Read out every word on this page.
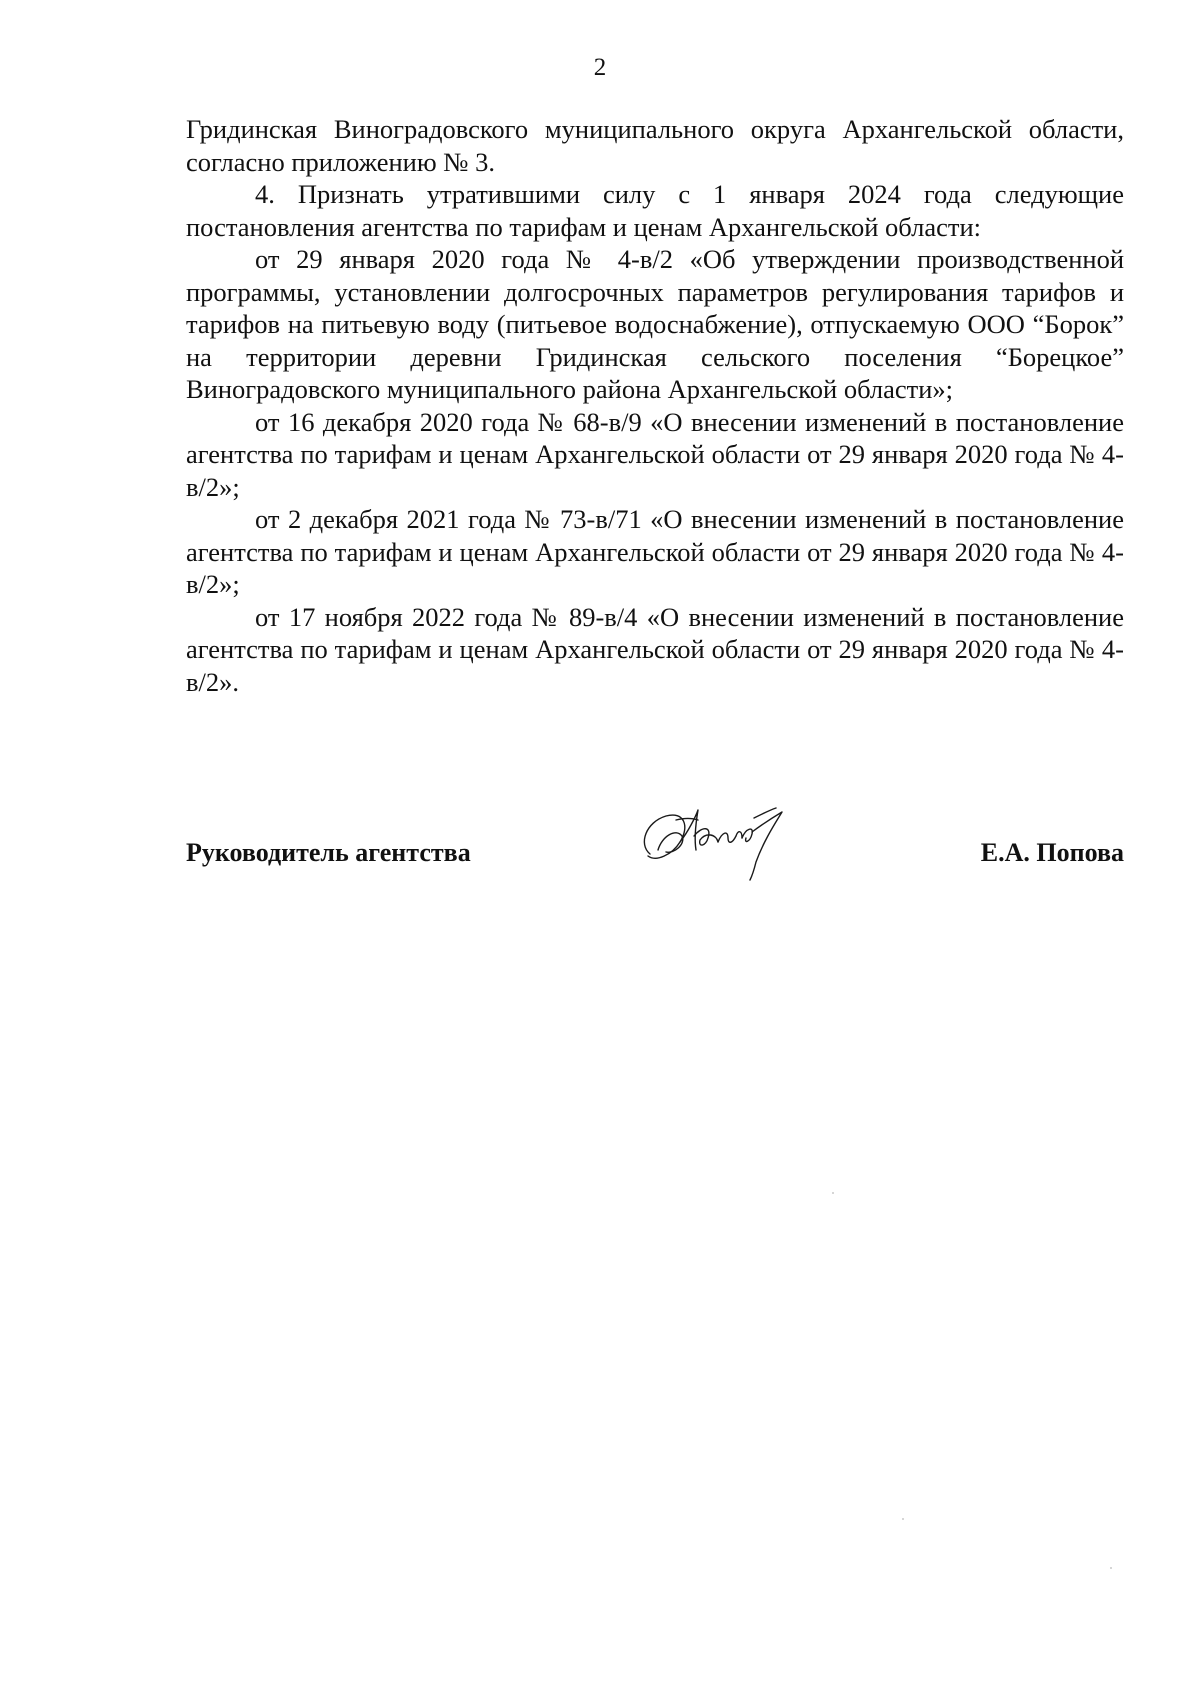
2

Гридинская Виноградовского муниципального округа Архангельской области, согласно приложению № 3.

4. Признать утратившими силу с 1 января 2024 года следующие постановления агентства по тарифам и ценам Архангельской области:

от 29 января 2020 года № 4-в/2 «Об утверждении производственной программы, установлении долгосрочных параметров регулирования тарифов и тарифов на питьевую воду (питьевое водоснабжение), отпускаемую ООО “Борок” на территории деревни Гридинская сельского поселения “Борецкое” Виноградовского муниципального района Архангельской области»;

от 16 декабря 2020 года № 68-в/9 «О внесении изменений в постановление агентства по тарифам и ценам Архангельской области от 29 января 2020 года № 4-в/2»;

от 2 декабря 2021 года № 73-в/71 «О внесении изменений в постановление агентства по тарифам и ценам Архангельской области от 29 января 2020 года № 4-в/2»;

от 17 ноября 2022 года № 89-в/4 «О внесении изменений в постановление агентства по тарифам и ценам Архангельской области от 29 января 2020 года № 4-в/2».

Руководитель агентства	Е.А. Попова
